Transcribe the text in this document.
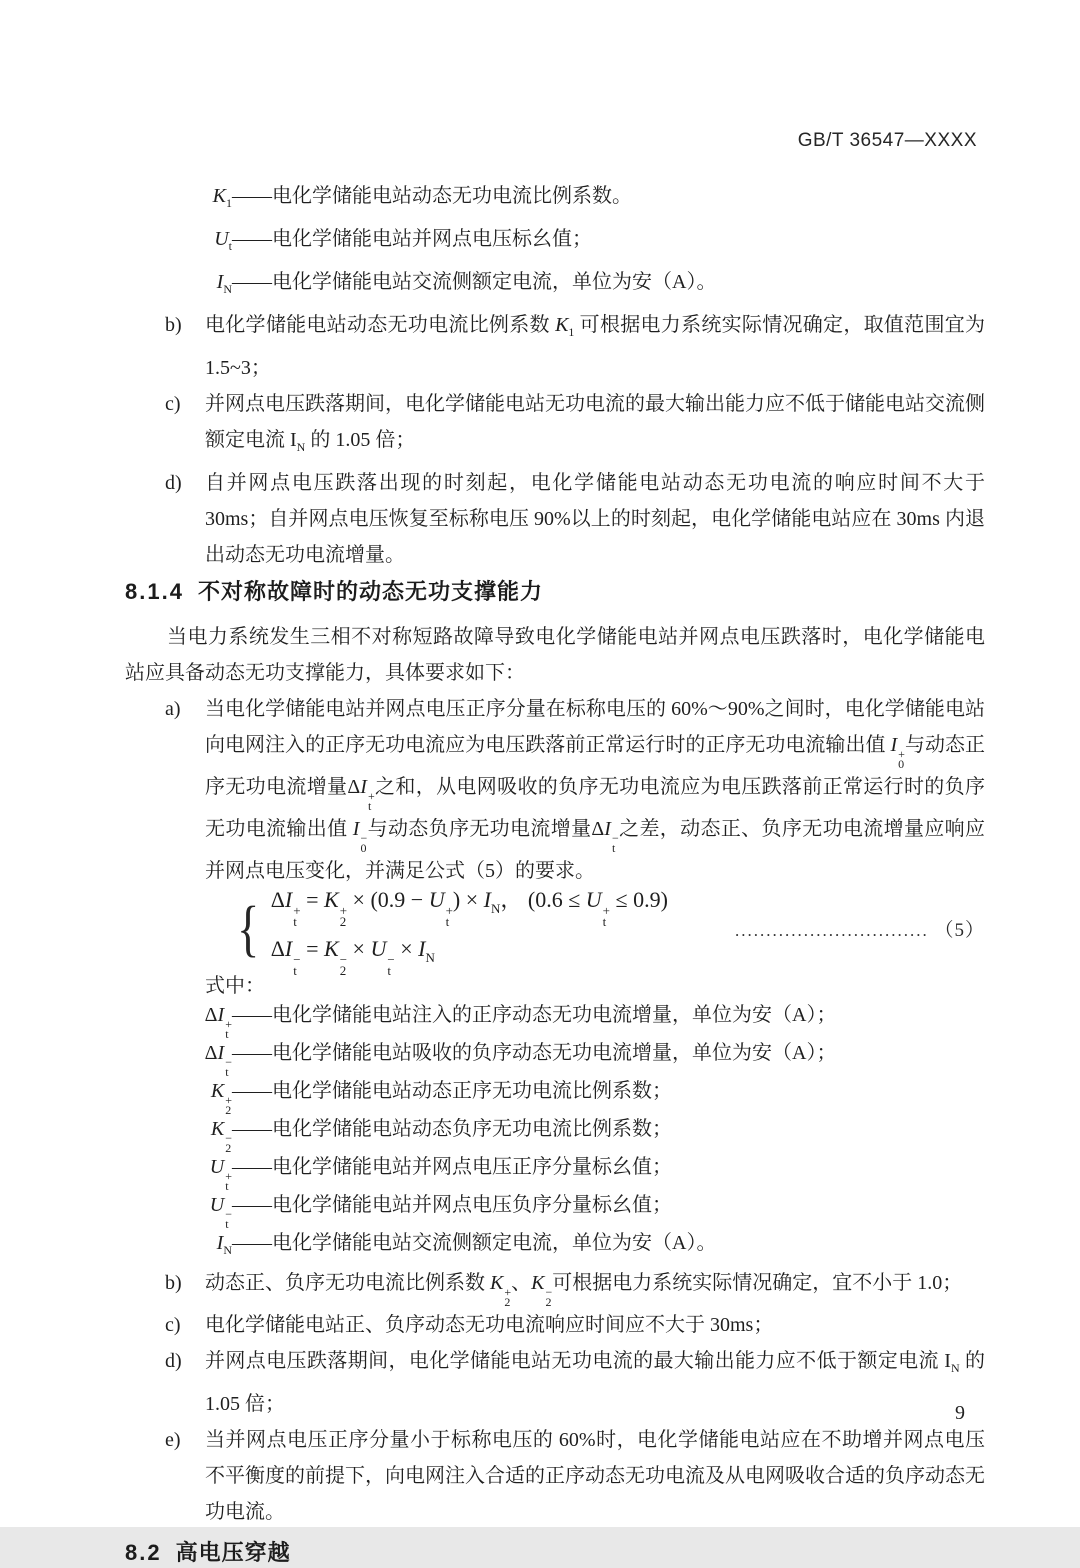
GB/T 36547—XXXX
$K_1$ ——电化学储能电站动态无功电流比例系数。
$U_t$ ——电化学储能电站并网点电压标幺值；
$I_N$ ——电化学储能电站交流侧额定电流，单位为安（A）。
b) 电化学储能电站动态无功电流比例系数 $K_1$ 可根据电力系统实际情况确定，取值范围宜为 1.5~3；
c) 并网点电压跌落期间，电化学储能电站无功电流的最大输出能力应不低于储能电站交流侧额定电流 $I_N$ 的 1.05 倍；
d) 自并网点电压跌落出现的时刻起，电化学储能电站动态无功电流的响应时间不大于 30ms；自并网点电压恢复至标称电压 90%以上的时刻起，电化学储能电站应在 30ms 内退出动态无功电流增量。
8.1.4 不对称故障时的动态无功支撑能力
当电力系统发生三相不对称短路故障导致电化学储能电站并网点电压跌落时，电化学储能电站应具备动态无功支撑能力，具体要求如下：
a) 当电化学储能电站并网点电压正序分量在标称电压的 60%～90%之间时，电化学储能电站向电网注入的正序无功电流应为电压跌落前正常运行时的正序无功电流输出值 I +
0
与动态正序无功电流增量ΔI +
t
之和，从电网吸收的负序无功电流应为电压跌落前正常运行时的负序无功电流输出值 I −
0
与动态负序无功电流增量ΔI −
t
之差，动态正、负序无功电流增量应响应并网点电压变化，并满足公式（5）的要求。
{ ΔI +
t
= K +
2
× (0.9 − U +
t
) × $I_N$， (0.6 ≤ U +
t
≤ 0.9)
ΔI −
t
= K −
2
× U −
t
× $I_N$
............................... （5）
式中：
ΔI +
t
——电化学储能电站注入的正序动态无功电流增量，单位为安（A）；
ΔI −
t
——电化学储能电站吸收的负序动态无功电流增量，单位为安（A）；
K +
2
——电化学储能电站动态正序无功电流比例系数；
K −
2
——电化学储能电站动态负序无功电流比例系数；
U +
t
——电化学储能电站并网点电压正序分量标幺值；
U −
t
——电化学储能电站并网点电压负序分量标幺值；
$I_N$ ——电化学储能电站交流侧额定电流，单位为安（A）。
b) 动态正、负序无功电流比例系数 K +
2
、K −
2
可根据电力系统实际情况确定，宜不小于 1.0；
c) 电化学储能电站正、负序动态无功电流响应时间应不大于 30ms；
d) 并网点电压跌落期间，电化学储能电站无功电流的最大输出能力应不低于额定电流 $I_N$ 的 1.05 倍；
e) 当并网点电压正序分量小于标称电压的 60%时，电化学储能电站应在不助增并网点电压不平衡度的前提下，向电网注入合适的正序动态无功电流及从电网吸收合适的负序动态无功电流。
8.2 高电压穿越
9
